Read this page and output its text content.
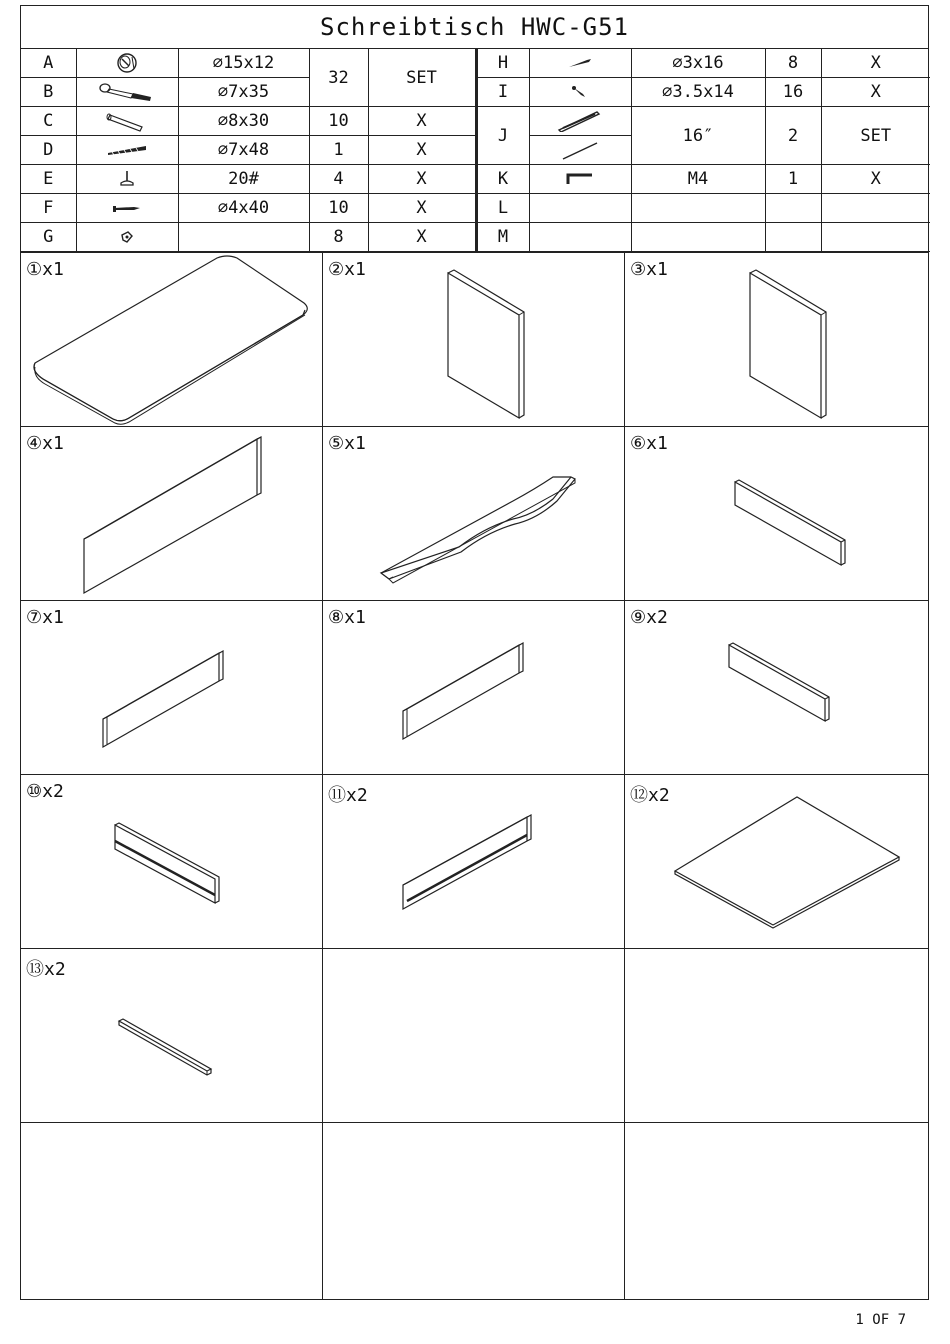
Schreibtisch HWC-G51
A		⌀15x12	32	SET	H		⌀3x16	8	X
B		⌀7x35			I		⌀3.5x14	16	X
C		⌀8x30	10	X	J		16″	2	SET
D		⌀7x48	1	X	

E		20#	4	X	K		M4	1	X
F		⌀4x40	10	X	L				
G			8	X	M				
①x1	②x1	③x1
④x1	⑤x1	⑥x1
⑦x1	⑧x1	⑨x2
⑩x2	⑪x2	⑫x2
⑬x2
1 OF 7
